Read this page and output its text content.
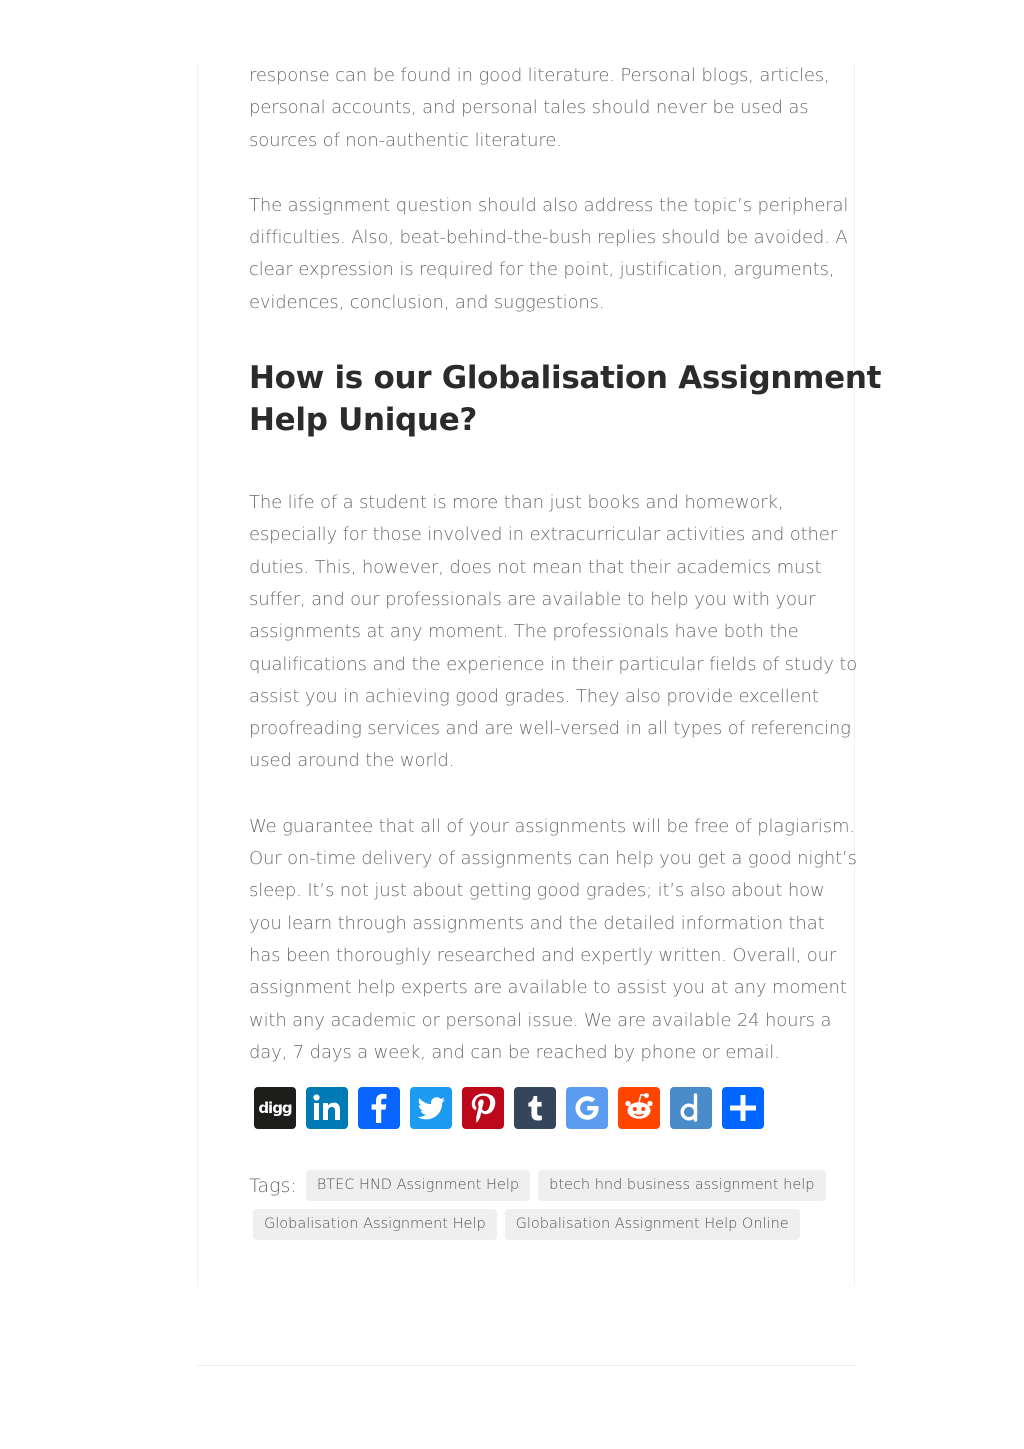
response can be found in good literature. Personal blogs, articles,
personal accounts, and personal tales should never be used as
sources of non-authentic literature.

The assignment question should also address the topic’s peripheral
difficulties. Also, beat-behind-the-bush replies should be avoided. A
clear expression is required for the point, justification, arguments,
evidences, conclusion, and suggestions.

How is our Globalisation Assignment
Help Unique?

The life of a student is more than just books and homework,
especially for those involved in extracurricular activities and other
duties. This, however, does not mean that their academics must
suffer, and our professionals are available to help you with your
assignments at any moment. The professionals have both the
qualifications and the experience in their particular fields of study to
assist you in achieving good grades. They also provide excellent
proofreading services and are well-versed in all types of referencing
used around the world.

We guarantee that all of your assignments will be free of plagiarism.
Our on-time delivery of assignments can help you get a good night’s
sleep. It’s not just about getting good grades; it’s also about how
you learn through assignments and the detailed information that
has been thoroughly researched and expertly written. Overall, our
assignment help experts are available to assist you at any moment
with any academic or personal issue. We are available 24 hours a
day, 7 days a week, and can be reached by phone or email.

digg
Tags:	BTEC HND Assignment Help	btech hnd business assignment help
Globalisation Assignment Help	Globalisation Assignment Help Online
